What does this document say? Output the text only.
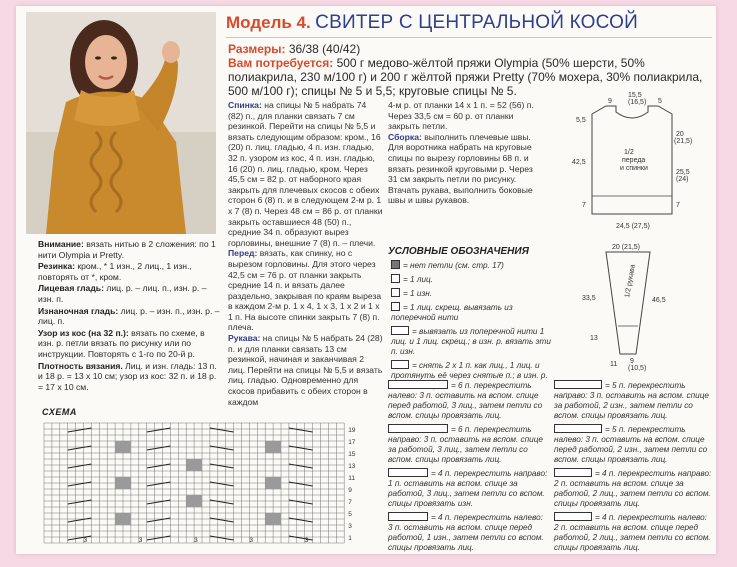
Модель 4. СВИТЕР С ЦЕНТРАЛЬНОЙ КОСОЙ
Размеры: 36/38 (40/42)
Вам потребуется: 500 г медово-жёлтой пряжи Olympia (50% шерсти, 50% полиакрила, 230 м/100 г) и 200 г жёлтой пряжи Pretty (70% мохера, 30% полиакрила, 500 м/100 г); спицы № 5 и 5,5; круговые спицы № 5.

Спинка: на спицы № 5 набрать 74 (82) п., для планки связать 7 см резинкой. Перейти на спицы № 5,5 и вязать следующим образом: кром., 16 (20) п. лиц. гладью, 4 п. изн. гладью, 32 п. узором из кос, 4 п. изн. гладью, 16 (20) п. лиц. гладью, кром. Через 45,5 см = 82 р. от наборного края закрыть для плечевых скосов с обеих сторон 6 (8) п. и в следующем 2-м р. 1 х 7 (8) п. Через 48 см = 86 р. от планки закрыть оставшиеся 48 (50) п., средние 34 п. образуют вырез горловины, внешние 7 (8) п. – плечи.

Перед: вязать, как спинку, но с вырезом горловины. Для этого через 42,5 см = 76 р. от планки закрыть средние 14 п. и вязать далее раздельно, закрывая по краям выреза в каждом 2-м р. 1 х 4, 1 х 3, 1 х 2 и 1 х 1 п. На высоте спинки закрыть 7 (8) п. плеча.

Рукава: на спицы № 5 набрать 24 (28) п. и для планки связать 13 см резинкой, начиная и заканчивая 2 лиц. Перейти на спицы № 5,5 и вязать лиц. гладью. Одновременно для скосов прибавить с обеих сторон в каждом

4-м р. от планки 14 х 1 п. = 52 (56) п. Через 33,5 см = 60 р. от планки закрыть петли.

Сборка: выполнить плечевые швы. Для воротника набрать на круговые спицы по вырезу горловины 68 п. и вязать резинкой круговыми р. Через 31 см закрыть петли по рисунку. Втачать рукава, выполнить боковые швы и швы рукавов.

15,5
(16,5)
9	5
5,5
20
(21,5)
25,5
(24)
42,5
1/2
переда
и спинки
7	7
24,5 (27,5)
20 (21,5)
33,5	46,5
1/2 рукава
13
11 9
(10,5)

Внимание: вязать нитью в 2 сложения: по 1 нити Olympia и Pretty.

Резинка: кром., * 1 изн., 2 лиц., 1 изн., повторять от *, кром.

Лицевая гладь: лиц. р. – лиц. п., изн. р. – изн. п.

Изнаночная гладь: лиц. р. – изн. п., изн. р. – лиц. п.

Узор из кос (на 32 п.): вязать по схеме, в изн. р. петли вязать по рисунку или по инструкции. Повторять с 1-го по 20-й р.

Плотность вязания. Лиц. и изн. гладь: 13 п. и 18 р. = 13 х 10 см; узор из кос: 32 п. и 18 р. = 17 х 10 см.

СХЕМА
19
17
15
13
11
9
7
5
3
1
3	3	3	3	3
УСЛОВНЫЕ ОБОЗНАЧЕНИЯ
= нет петли (см. стр. 17)
= 1 лиц.
= 1 изн.
= 1 лиц. скрещ. вывязать из поперечной нити
= вывязать из поперечной нити 1 лиц. и 1 лиц. скрещ.; в изн. р. вязать эти п. изн.
= снять 2 х 1 п. как лиц., 1 лиц. и протянуть её через снятые п.; в изн. р.
= 6 п. перекрестить налево: 3 п. оставить на вспом. спице перед работой, 3 лиц., затем петли со вспом. спицы провязать лиц.
= 6 п. перекрестить направо: 3 п. оставить на вспом. спице за работой, 3 лиц., затем петли со вспом. спицы провязать лиц.
= 4 п. перекрестить направо: 1 п. оставить на вспом. спице за работой, 3 лиц., затем петли со вспом. спицы провязать изн.
= 4 п. перекрестить налево: 3 п. оставить на вспом. спице перед работой, 1 изн., затем петли со вспом. спицы провязать лиц.
= 5 п. перекрестить направо: 3 п. оставить на вспом. спице за работой, 2 изн., затем петли со вспом. спицы провязать лиц.
= 5 п. перекрестить налево: 3 п. оставить на вспом. спице перед работой, 2 изн., затем петли со вспом. спицы провязать лиц.
= 4 п. перекрестить направо: 2 п. оставить на вспом. спице за работой, 2 лиц., затем петли со вспом. спицы провязать лиц.
= 4 п. перекрестить налево: 2 п. оставить на вспом. спице перед работой, 2 лиц., затем петли со вспом. спицы провязать лиц.
